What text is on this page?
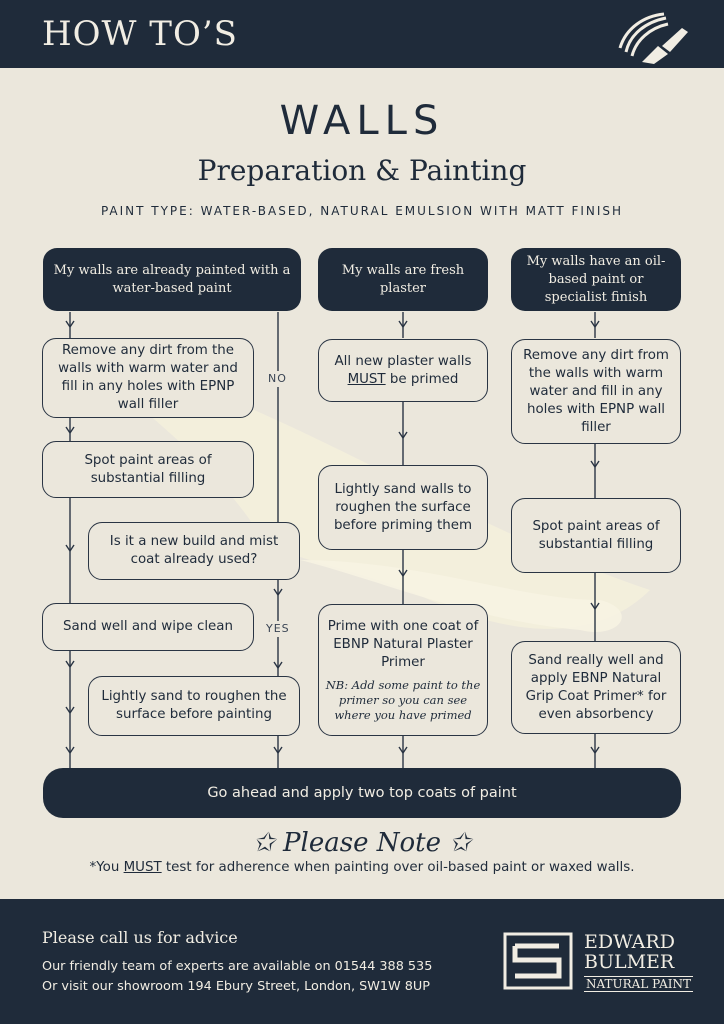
HOW TO’S
WALLS
Preparation & Painting
PAINT TYPE: WATER-BASED, NATURAL EMULSION WITH MATT FINISH
NO
YES
My walls are already painted with a water-based paint
Remove any dirt from the walls with warm water and fill in any holes with EPNP wall filler
Spot paint areas of substantial filling
Is it a new build and mist coat already used?
Sand well and wipe clean
Lightly sand to roughen the surface before painting
My walls are fresh plaster
All new plaster walls
MUST be primed
Lightly sand walls to roughen the surface before priming them
Prime with one coat of EBNP Natural Plaster Primer
NB: Add some paint to the primer so you can see where you have primed
My walls have an oil-based paint or specialist finish
Remove any dirt from the walls with warm water and fill in any holes with EPNP wall filler
Spot paint areas of substantial filling
Sand really well and apply EBNP Natural Grip Coat Primer* for even absorbency
Go ahead and apply two top coats of paint
✩ Please Note ✩
*You MUST test for adherence when painting over oil-based paint or waxed walls.
Please call us for advice
Our friendly team of experts are available on 01544 388 535
Or visit our showroom 194 Ebury Street, London, SW1W 8UP
EDWARD
BULMER
NATURAL PAINT
